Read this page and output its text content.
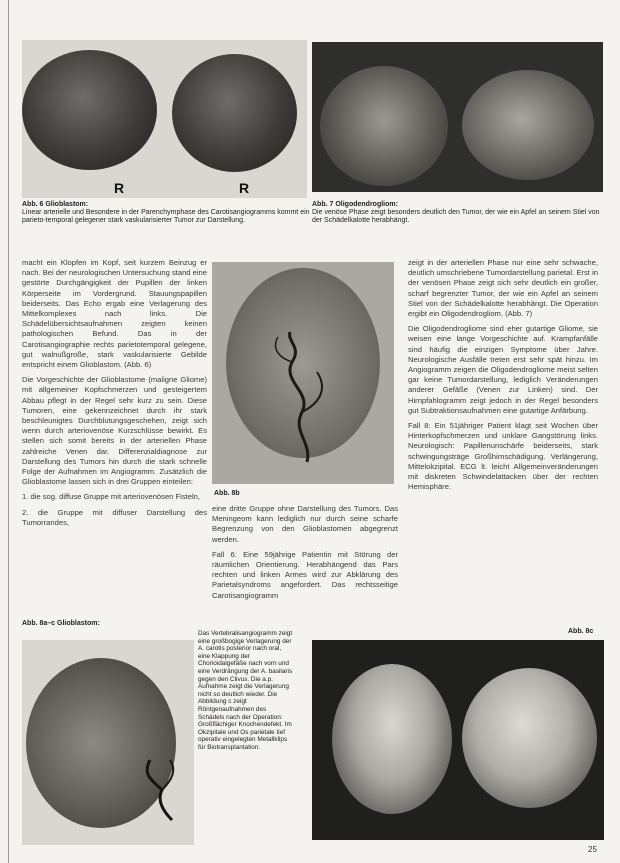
R	R
Abb. 6 Glioblastom:
Linear arterielle und Besondere in der Parenchymphase des Carotisangiogramms kommt ein parieto-temporal gelegener stark vaskularisierter Tumor zur Darstellung.
Abb. 7 Oligodendrogliom:
Die venöse Phase zeigt besonders deutlich den Tumor, der wie ein Apfel an seinem Stiel von der Schädelkalotte herabhängt.

macht ein Klopfen im Kopf, seit kurzem Beinzug er nach. Bei der neurologischen Untersuchung stand eine gestörte Durchgängigkeit der Pupillen der linken Körperseite im Vordergrund. Stauungspapillen beiderseits. Das Echo ergab eine Verlagerung des Mittelkomplexes nach links. Die Schädelübersichtsaufnahmen zeigten keinen pathologischen Befund. Das in der Carotisangiographie rechts parietotemporal gelegene, gut walnußgroße, stark vaskularisierte Gebilde entspricht einem Glioblastom. (Abb. 6)

Die Vorgeschichte der Glioblastome (maligne Gliome) mit allgemeiner Kopfschmerzen und gesteigertem Abbau pflegt in der Regel sehr kurz zu sein. Diese Tumoren, eine gekennzeichnet durch ihr stark beschleunigtes Durchblutungsgeschehen, zeigt sich wenn durch arteriovenöse Kurzschlüsse bewirkt. Es stellen sich somit bereits in der arteriellen Phase zahlreiche Venen dar. Differenzialdiagnose zur Darstellung des Tumors hin durch die stark schnelle Folge der Aufnahmen im Angiogramm. Zusätzlich die Glioblastome lassen sich in drei Gruppen einteilen:

1. die sog. diffuse Gruppe mit arteriovenösen Fisteln,

2. die Gruppe mit diffuser Darstellung des Tumorrandes,

Abb. 8b

eine dritte Gruppe ohne Darstellung des Tumors. Das Meningeom kann lediglich nur durch seine scharfe Begrenzung von den Glioblastomen abgegrenzt werden.

Fall 6: Eine 59jährige Patientin mit Störung der räumlichen Orientierung. Herabhängend das Pars rechten und linken Armes wird zur Abklärung des Parietalsyndroms angefordert. Das rechtsseitige Carotisangiogramm

zeigt in der arteriellen Phase nur eine sehr schwache, deutlich umschriebene Tumordarstellung parietal. Erst in der venösen Phase zeigt sich sehr deutlich ein großer, scharf begrenzter Tumor, der wie ein Apfel an seinem Stiel von der Schädelkalotte herabhängt. Die Operation ergibt ein Oligodendrogliom. (Abb. 7)

Die Oligodendrogliome sind eher gutartige Gliome, sie weisen eine lange Vorgeschichte auf. Krampfanfälle sind häufig die einzigen Symptome über Jahre. Neurologische Ausfälle treten erst sehr spät hinzu. Im Angiogramm zeigen die Oligodendrogliome meist selten gar keine Tumordarstellung, lediglich Veränderungen anderer Gefäße (Venen zur Linken) sind. Der Hirnpfahlogramm zeigt jedoch in der Regel besonders gut Subtraktionsaufnahmen eine gutartige Anfärbung.

Fall 8: Ein 51jähriger Patient klagt seit Wochen über Hinterkopfschmerzen und unklare Gangstörung links. Neurologisch: Papillenunschärfe beiderseits, stark schwingungsträge Großhirnschädigung. Verlängerung, Mittelokzipital. ECG lt. leicht Allgemeinveränderungen mit diskreten Schwindelattacken über der rechten Hemisphäre.

Abb. 8a–c Glioblastom:
Das Vertebralisangiogramm zeigt eine großbogige Verlagerung der A. carotis posterior nach oral, eine Klappung der Chorioidalgefäße nach vorn und eine Verdrängung der A. basilaris gegen den Clivus. Die a.p. Aufnahme zeigt die Verlagerung nicht so deutlich wieder. Die Abbildung c zeigt Röntgenaufnahmen des Schädels nach der Operation: Großflächiger Knochendefekt. Im Okzipitale und Os parietale tief operativ eingelegten Metallklips für Biotransplantation.
Abb. 8c
25
